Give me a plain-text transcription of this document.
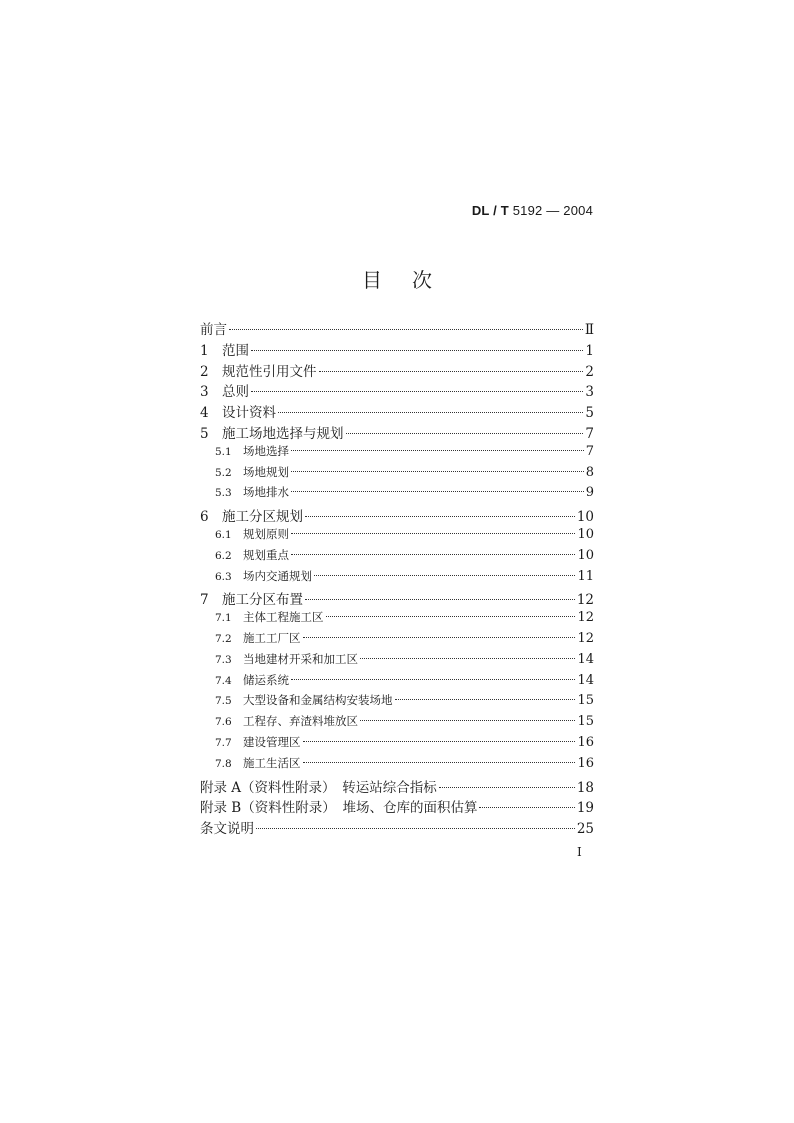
DL / T 5192 — 2004
目次
前言	Ⅱ
1 范围	1
2 规范性引用文件	2
3 总则	3
4 设计资料	5
5 施工场地选择与规划	7
5.1 场地选择	7
5.2 场地规划	8
5.3 场地排水	9
6 施工分区规划	10
6.1 规划原则	10
6.2 规划重点	10
6.3 场内交通规划	11
7 施工分区布置	12
7.1 主体工程施工区	12
7.2 施工工厂区	12
7.3 当地建材开采和加工区	14
7.4 储运系统	14
7.5 大型设备和金属结构安装场地	15
7.6 工程存、弃渣料堆放区	15
7.7 建设管理区	16
7.8 施工生活区	16
附录 A（资料性附录）　转运站综合指标	18
附录 B（资料性附录）　堆场、仓库的面积估算	19
条文说明	25
I
